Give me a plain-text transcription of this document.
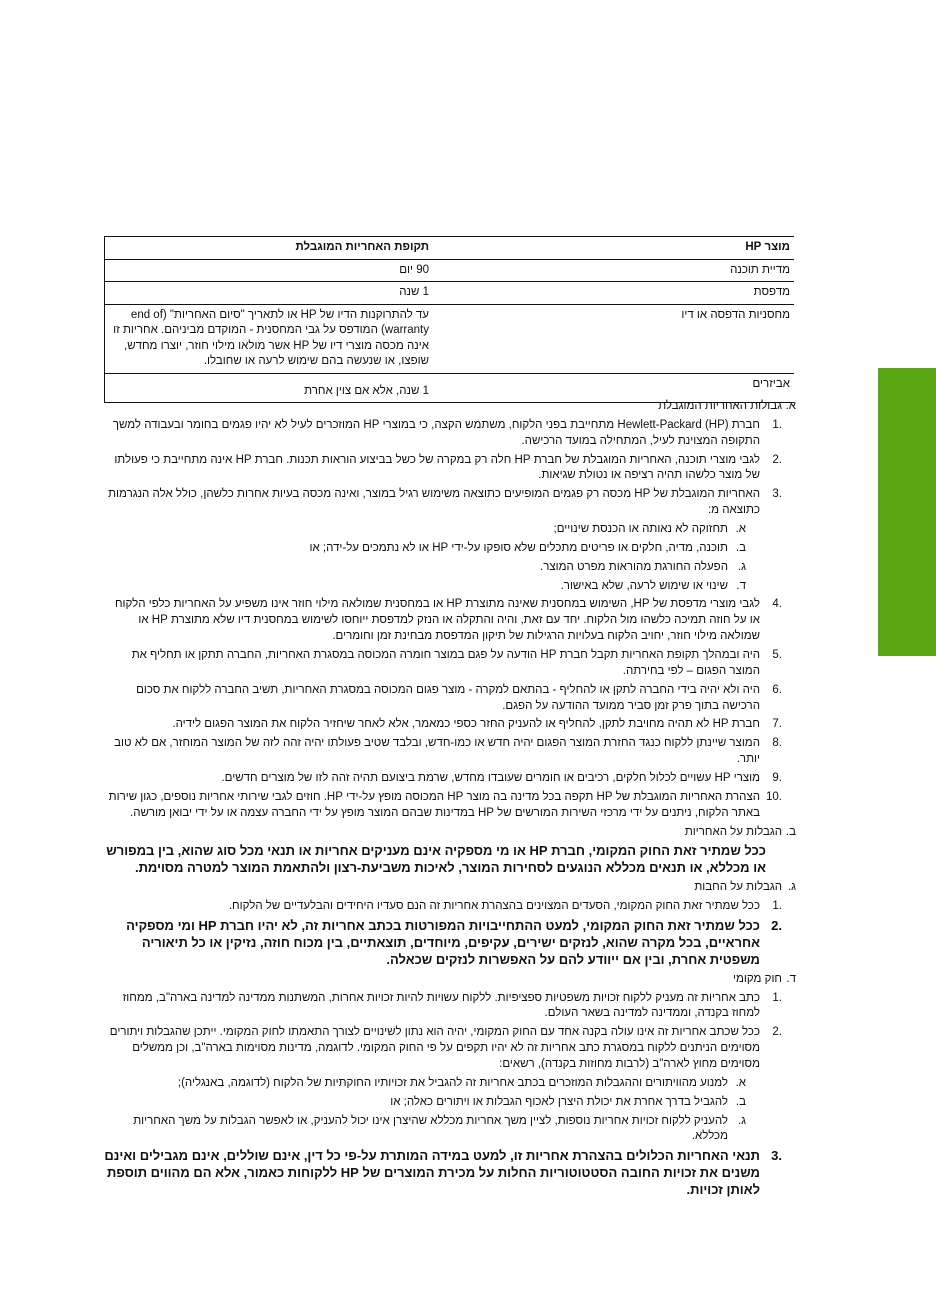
מוצר HP	תקופת האחריות המוגבלת
מדיית תוכנה	90 יום
מדפסת	1 שנה
מחסניות הדפסה או דיו	עד להתרוקנות הדיו של HP או לתאריך "סיום האחריות" (end of warranty) המודפס על גבי המחסנית - המוקדם מביניהם. אחריות זו אינה מכסה מוצרי דיו של HP אשר מולאו מילוי חוזר, יוצרו מחדש, שופצו, או שנעשה בהם שימוש לרעה או שחובלו.
אביזרים	1 שנה, אלא אם צוין אחרת
א.
גבולות האחריות המוגבלת
.1
חברת Hewlett-Packard (HP) מתחייבת בפני הלקוח, משתמש הקצה, כי במוצרי HP המוזכרים לעיל לא יהיו פגמים בחומר ובעבודה למשך התקופה המצוינת לעיל, המתחילה במועד הרכישה.
.2
לגבי מוצרי תוכנה, האחריות המוגבלת של חברת HP חלה רק במקרה של כשל בביצוע הוראות תכנות. חברת HP אינה מתחייבת כי פעולתו של מוצר כלשהו תהיה רציפה או נטולת שגיאות.
.3
האחריות המוגבלת של HP מכסה רק פגמים המופיעים כתוצאה משימוש רגיל במוצר, ואינה מכסה בעיות אחרות כלשהן, כולל אלה הנגרמות כתוצאה מ:
א.
תחזוקה לא נאותה או הכנסת שינויים;
ב.
תוכנה, מדיה, חלקים או פריטים מתכלים שלא סופקו על-ידי HP או לא נתמכים על-ידה; או
ג.
הפעלה החורגת מהוראות מפרט המוצר.
ד.
שינוי או שימוש לרעה, שלא באישור.
.4
לגבי מוצרי מדפסת של HP, השימוש במחסנית שאינה מתוצרת HP או במחסנית שמולאה מילוי חוזר אינו משפיע על האחריות כלפי הלקוח או על חוזה תמיכה כלשהו מול הלקוח. יחד עם זאת, והיה והתקלה או הנזק למדפסת ייוחסו לשימוש במחסנית דיו שלא מתוצרת HP או שמולאה מילוי חוזר, יחויב הלקוח בעלויות הרגילות של תיקון המדפסת מבחינת זמן וחומרים.
.5
היה ובמהלך תקופת האחריות תקבל חברת HP הודעה על פגם במוצר חומרה המכוסה במסגרת האחריות, החברה תתקן או תחליף את המוצר הפגום – לפי בחירתה.
.6
היה ולא יהיה בידי החברה לתקן או להחליף - בהתאם למקרה - מוצר פגום המכוסה במסגרת האחריות, תשיב החברה ללקוח את סכום הרכישה בתוך פרק זמן סביר ממועד ההודעה על הפגם.
.7
חברת HP לא תהיה מחויבת לתקן, להחליף או להעניק החזר כספי כמאמר, אלא לאחר שיחזיר הלקוח את המוצר הפגום לידיה.
.8
המוצר שיינתן ללקוח כנגד החזרת המוצר הפגום יהיה חדש או כמו-חדש, ובלבד שטיב פעולתו יהיה זהה לזה של המוצר המוחזר, אם לא טוב יותר.
.9
מוצרי HP עשויים לכלול חלקים, רכיבים או חומרים שעובדו מחדש, שרמת ביצועם תהיה זהה לזו של מוצרים חדשים.
.10
הצהרת האחריות המוגבלת של HP תקפה בכל מדינה בה מוצר HP המכוסה מופץ על-ידי HP. חוזים לגבי שירותי אחריות נוספים, כגון שירות באתר הלקוח, ניתנים על ידי מרכזי השירות המורשים של HP במדינות שבהם המוצר מופץ על ידי החברה עצמה או על ידי יבואן מורשה.
ב.
הגבלות על האחריות
ככל שמתיר זאת החוק המקומי, חברת HP או מי מספקיה אינם מעניקים אחריות או תנאי מכל סוג שהוא, בין במפורש או מכללא, או תנאים מכללא הנוגעים לסחירות המוצר, לאיכות משביעת-רצון ולהתאמת המוצר למטרה מסוימת.
ג.
הגבלות על החבות
.1
ככל שמתיר זאת החוק המקומי, הסעדים המצוינים בהצהרת אחריות זה הנם סעדיו היחידים והבלעדיים של הלקוח.
.2
ככל שמתיר זאת החוק המקומי, למעט ההתחייבויות המפורטות בכתב אחריות זה, לא יהיו חברת HP ומי מספקיה אחראיים, בכל מקרה שהוא, לנזקים ישירים, עקיפים, מיוחדים, תוצאתיים, בין מכוח חוזה, נזיקין או כל תיאוריה משפטית אחרת, ובין אם ייוודע להם על האפשרות לנזקים שכאלה.
ד.
חוק מקומי
.1
כתב אחריות זה מעניק ללקוח זכויות משפטיות ספציפיות. ללקוח עשויות להיות זכויות אחרות, המשתנות ממדינה למדינה בארה"ב, ממחוז למחוז בקנדה, וממדינה למדינה בשאר העולם.
.2
ככל שכתב אחריות זה אינו עולה בקנה אחד עם החוק המקומי, יהיה הוא נתון לשינויים לצורך התאמתו לחוק המקומי. ייתכן שהגבלות ויתורים מסוימים הניתנים ללקוח במסגרת כתב אחריות זה לא יהיו תקפים על פי החוק המקומי. לדוגמה, מדינות מסוימות בארה"ב, וכן ממשלים מסוימים מחוץ לארה"ב (לרבות מחוזות בקנדה), רשאים:
א.
למנוע מהוויתורים וההגבלות המוזכרים בכתב אחריות זה להגביל את זכויותיו החוקתיות של הלקוח (לדוגמה, באנגליה);
ב.
להגביל בדרך אחרת את יכולת היצרן לאכוף הגבלות או ויתורים כאלה; או
ג.
להעניק ללקוח זכויות אחריות נוספות, לציין משך אחריות מכללא שהיצרן אינו יכול להעניק, או לאפשר הגבלות על משך האחריות מכללא.
.3
תנאי האחריות הכלולים בהצהרת אחריות זו, למעט במידה המותרת על-פי כל דין, אינם שוללים, אינם מגבילים ואינם משנים את זכויות החובה הסטטוטוריות החלות על מכירת המוצרים של HP ללקוחות כאמור, אלא הם מהווים תוספת לאותן זכויות.
